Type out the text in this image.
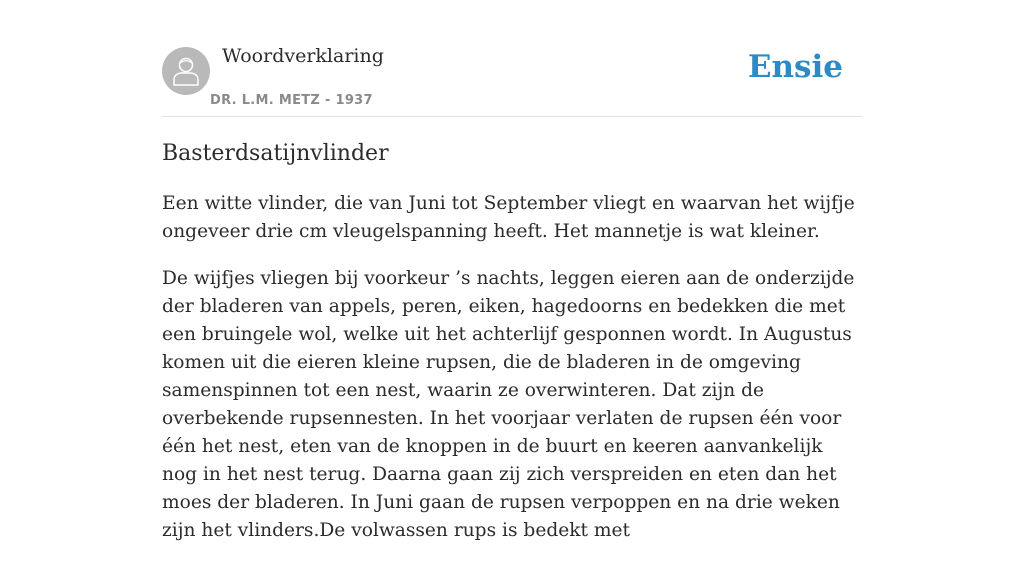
Woordverklaring
DR. L.M. METZ - 1937
Ensie
Basterdsatijnvlinder

Een witte vlinder, die van Juni tot September vliegt en waarvan het wijfje ongeveer drie cm vleugelspanning heeft. Het mannetje is wat kleiner.

De wijfjes vliegen bij voorkeur ’s nachts, leggen eieren aan de onderzijde der bladeren van appels, peren, eiken, hagedoorns en bedekken die met een bruingele wol, welke uit het achterlijf gesponnen wordt. In Augustus komen uit die eieren kleine rupsen, die de bladeren in de omgeving samenspinnen tot een nest, waarin ze overwinteren. Dat zijn de overbekende rupsennesten. In het voorjaar verlaten de rupsen één voor één het nest, eten van de knoppen in de buurt en keeren aanvankelijk nog in het nest terug. Daarna gaan zij zich verspreiden en eten dan het moes der bladeren. In Juni gaan de rupsen verpoppen en na drie weken zijn het vlinders.De volwassen rups is bedekt met
